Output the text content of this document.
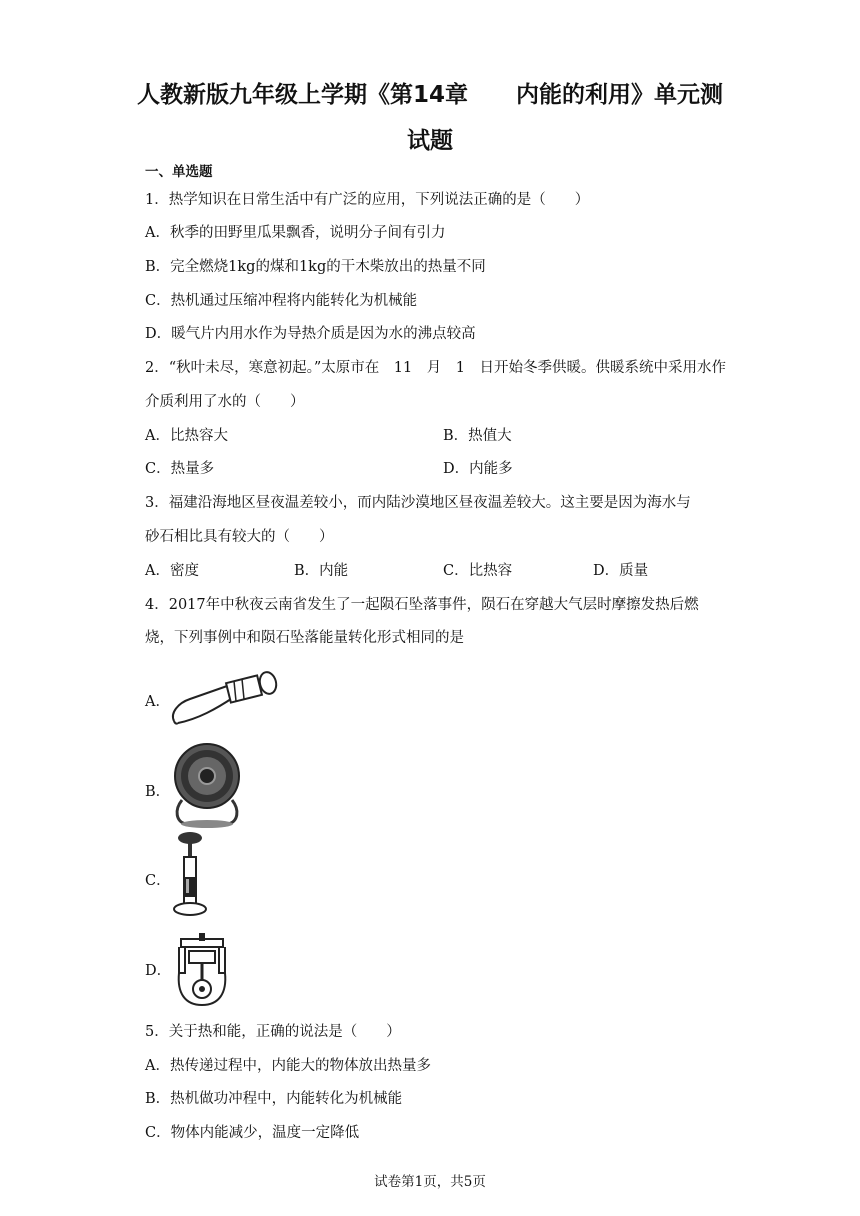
人教新版九年级上学期《第14章 内能的利用》单元测
试题
一、单选题
1．热学知识在日常生活中有广泛的应用，下列说法正确的是（　　）
A．秋季的田野里瓜果飘香，说明分子间有引力
B．完全燃烧1kg的煤和1kg的干木柴放出的热量不同
C．热机通过压缩冲程将内能转化为机械能
D．暖气片内用水作为导热介质是因为水的沸点较高
2．“秋叶未尽，寒意初起。”太原市在　11　月　1　日开始冬季供暖。供暖系统中采用水作
介质利用了水的（　　）
A．比热容大	B．热值大
C．热量多	D．内能多
3．福建沿海地区昼夜温差较小，而内陆沙漠地区昼夜温差较大。这主要是因为海水与
砂石相比具有较大的（　　）
A．密度	B．内能	C．比热容	D．质量
4．2017年中秋夜云南省发生了一起陨石坠落事件，陨石在穿越大气层时摩擦发热后燃
烧，下列事例中和陨石坠落能量转化形式相同的是
A．
B．
C．
D．
5．关于热和能，正确的说法是（　　）
A．热传递过程中，内能大的物体放出热量多
B．热机做功冲程中，内能转化为机械能
C．物体内能减少，温度一定降低
试卷第1页，共5页
